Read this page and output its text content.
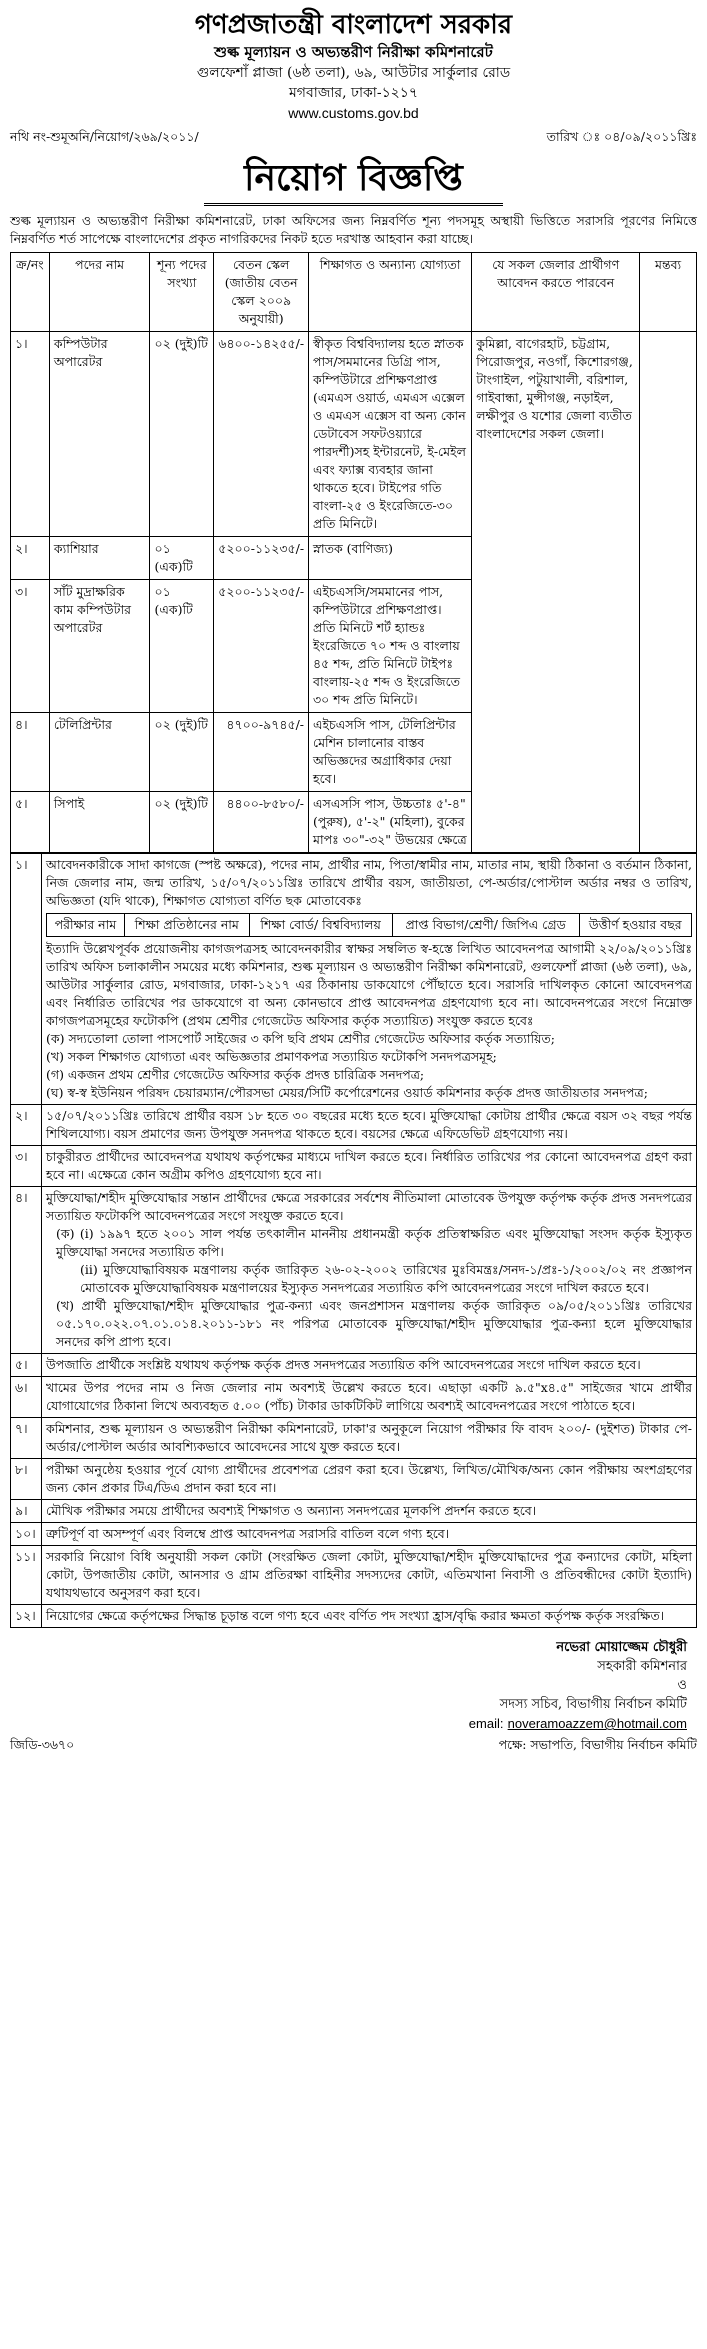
গণপ্রজাতন্ত্রী বাংলাদেশ সরকার
শুল্ক মূল্যায়ন ও অভ্যন্তরীণ নিরীক্ষা কমিশনারেট
গুলফেশাঁ প্লাজা (৬ষ্ঠ তলা), ৬৯, আউটার সার্কুলার রোড
মগবাজার, ঢাকা-১২১৭
www.customs.gov.bd
নথি নং-শুমূঅনি/নিয়োগ/২৬৯/২০১১/	তারিখ ঃ ০৪/০৯/২০১১খ্রিঃ
নিয়োগ বিজ্ঞপ্তি
শুল্ক মূল্যায়ন ও অভ্যন্তরীণ নিরীক্ষা কমিশনারেট, ঢাকা অফিসের জন্য নিম্নবর্ণিত শূন্য পদসমূহ অস্থায়ী ভিত্তিতে সরাসরি পূরণের নিমিত্তে নিম্নবর্ণিত শর্ত সাপেক্ষে বাংলাদেশের প্রকৃত নাগরিকদের নিকট হতে দরখাস্ত আহবান করা যাচ্ছে।
ক্র/নং	পদের নাম	শূন্য পদের সংখ্যা	বেতন স্কেল (জাতীয় বেতন স্কেল ২০০৯ অনুযায়ী)	শিক্ষাগত ও অন্যান্য যোগ্যতা	যে সকল জেলার প্রার্থীগণ আবেদন করতে পারবেন	মন্তব্য
১।	কম্পিউটার অপারেটর	০২ (দুই)টি	৬৪০০-১৪২৫৫/-	স্বীকৃত বিশ্ববিদ্যালয় হতে স্নাতক পাস/সমমানের ডিগ্রি পাস, কম্পিউটারে প্রশিক্ষণপ্রাপ্ত (এমএস ওয়ার্ড, এমএস এক্সেল ও এমএস এক্সেস বা অন্য কোন ডেটাবেস সফটওয়্যারে পারদর্শী)সহ ইন্টারনেট, ই-মেইল এবং ফ্যাক্স ব্যবহার জানা থাকতে হবে। টাইপের গতি বাংলা-২৫ ও ইংরেজিতে-৩০ প্রতি মিনিটে।	কুমিল্লা, বাগেরহাট, চট্টগ্রাম, পিরোজপুর, নওগাঁ, কিশোরগঞ্জ, টাংগাইল, পটুয়াখালী, বরিশাল, গাইবান্ধা, মুন্সীগঞ্জ, নড়াইল, লক্ষীপুর ও যশোর জেলা ব্যতীত বাংলাদেশের সকল জেলা।	
২।	ক্যাশিয়ার	০১ (এক)টি	৫২০০-১১২৩৫/-	স্নাতক (বাণিজ্য)		
৩।	সাঁট মুদ্রাক্ষরিক কাম কম্পিউটার অপারেটর	০১ (এক)টি	৫২০০-১১২৩৫/-	এইচএসসি/সমমানের পাস, কম্পিউটারে প্রশিক্ষণপ্রাপ্ত। প্রতি মিনিটে শর্ট হ্যান্ডঃ ইংরেজিতে ৭০ শব্দ ও বাংলায় ৪৫ শব্দ, প্রতি মিনিটে টাইপঃ বাংলায়-২৫ শব্দ ও ইংরেজিতে ৩০ শব্দ প্রতি মিনিটে।		
৪।	টেলিপ্রিন্টার	০২ (দুই)টি	৪৭০০-৯৭৪৫/-	এইচএসসি পাস, টেলিপ্রিন্টার মেশিন চালানোর বাস্তব অভিজ্ঞদের অগ্রাধিকার দেয়া হবে।		
৫।	সিপাই	০২ (দুই)টি	৪৪০০-৮৫৮০/-	এসএসসি পাস, উচ্চতাঃ ৫'-৪" (পুরুষ), ৫'-২" (মহিলা), বুকের মাপঃ ৩০"-৩২" উভয়ের ক্ষেত্রে		
১।	আবেদনকারীকে সাদা কাগজে (স্পষ্ট অক্ষরে), পদের নাম, প্রার্থীর নাম, পিতা/স্বামীর নাম, মাতার নাম, স্থায়ী ঠিকানা ও বর্তমান ঠিকানা, নিজ জেলার নাম, জন্ম তারিখ, ১৫/০৭/২০১১খ্রিঃ তারিখে প্রার্থীর বয়স, জাতীয়তা, পে-অর্ডার/পোস্টাল অর্ডার নম্বর ও তারিখ, অভিজ্ঞতা (যদি থাকে), শিক্ষাগত যোগ্যতা বর্ণিত ছক মোতাবেকঃ
পরীক্ষার নাম	শিক্ষা প্রতিষ্ঠানের নাম	শিক্ষা বোর্ড/ বিশ্ববিদ্যালয়	প্রাপ্ত বিভাগ/শ্রেণী/ জিপিএ গ্রেড	উত্তীর্ণ হওয়ার বছর
ইত্যাদি উল্লেখপূর্বক প্রয়োজনীয় কাগজপত্রসহ আবেদনকারীর স্বাক্ষর সম্বলিত স্ব-হস্তে লিখিত আবেদনপত্র আগামী ২২/০৯/২০১১খ্রিঃ তারিখ অফিস চলাকালীন সময়ের মধ্যে কমিশনার, শুল্ক মূল্যায়ন ও অভ্যন্তরীণ নিরীক্ষা কমিশনারেট, গুলফেশাঁ প্লাজা (৬ষ্ঠ তলা), ৬৯, আউটার সার্কুলার রোড, মগবাজার, ঢাকা-১২১৭ এর ঠিকানায় ডাকযোগে পৌঁছাতে হবে। সরাসরি দাখিলকৃত কোনো আবেদনপত্র এবং নির্ধারিত তারিখের পর ডাকযোগে বা অন্য কোনভাবে প্রাপ্ত আবেদনপত্র গ্রহণযোগ্য হবে না। আবেদনপত্রের সংগে নিম্নোক্ত কাগজপত্রসমূহের ফটোকপি (প্রথম শ্রেণীর গেজেটেড অফিসার কর্তৃক সত্যায়িত) সংযুক্ত করতে হবেঃ
(ক) সদ্যতোলা তোলা পাসপোর্ট সাইজের ৩ কপি ছবি প্রথম শ্রেণীর গেজেটেড অফিসার কর্তৃক সত্যায়িত;
(খ) সকল শিক্ষাগত যোগ্যতা এবং অভিজ্ঞতার প্রমাণকপত্র সত্যায়িত ফটোকপি সনদপত্রসমূহ;
(গ) একজন প্রথম শ্রেণীর গেজেটেড অফিসার কর্তৃক প্রদত্ত চারিত্রিক সনদপত্র;
(ঘ) স্ব-স্ব ইউনিয়ন পরিষদ চেয়ারম্যান/পৌরসভা মেয়র/সিটি কর্পোরেশনের ওয়ার্ড কমিশনার কর্তৃক প্রদত্ত জাতীয়তার সনদপত্র;

২।	১৫/০৭/২০১১খ্রিঃ তারিখে প্রার্থীর বয়স ১৮ হতে ৩০ বছরের মধ্যে হতে হবে। মুক্তিযোদ্ধা কোটায় প্রার্থীর ক্ষেত্রে বয়স ৩২ বছর পর্যন্ত শিথিলযোগ্য। বয়স প্রমাণের জন্য উপযুক্ত সনদপত্র থাকতে হবে। বয়সের ক্ষেত্রে এফিডেভিট গ্রহণযোগ্য নয়।
৩।	চাকুরীরত প্রার্থীদের আবেদনপত্র যথাযথ কর্তৃপক্ষের মাধ্যমে দাখিল করতে হবে। নির্ধারিত তারিখের পর কোনো আবেদনপত্র গ্রহণ করা হবে না। এক্ষেত্রে কোন অগ্রীম কপিও গ্রহণযোগ্য হবে না।
৪।	মুক্তিযোদ্ধা/শহীদ মুক্তিযোদ্ধার সন্তান প্রার্থীদের ক্ষেত্রে সরকারের সর্বশেষ নীতিমালা মোতাবেক উপযুক্ত কর্তৃপক্ষ কর্তৃক প্রদত্ত সনদপত্রের সত্যায়িত ফটোকপি আবেদনপত্রের সংগে সংযুক্ত করতে হবে।
(ক) (i) ১৯৯৭ হতে ২০০১ সাল পর্যন্ত তৎকালীন মাননীয় প্রধানমন্ত্রী কর্তৃক প্রতিস্বাক্ষরিত এবং মুক্তিযোদ্ধা সংসদ কর্তৃক ইস্যুকৃত মুক্তিযোদ্ধা সনদের সত্যায়িত কপি।
(ii) মুক্তিযোদ্ধাবিষয়ক মন্ত্রণালয় কর্তৃক জারিকৃত ২৬-০২-২০০২ তারিখের মুঃবিমন্ত্রঃ/সনদ-১/প্রঃ-১/২০০২/০২ নং প্রজ্ঞাপন মোতাবেক মুক্তিযোদ্ধাবিষয়ক মন্ত্রণালয়ের ইস্যুকৃত সনদপত্রের সত্যায়িত কপি আবেদনপত্রের সংগে দাখিল করতে হবে।
(খ) প্রার্থী মুক্তিযোদ্ধা/শহীদ মুক্তিযোদ্ধার পুত্র-কন্যা এবং জনপ্রশাসন মন্ত্রণালয় কর্তৃক জারিকৃত ০৯/০৫/২০১১খ্রিঃ তারিখের ০৫.১৭০.০২২.০৭.০১.০১৪.২০১১-১৮১ নং পরিপত্র মোতাবেক মুক্তিযোদ্ধা/শহীদ মুক্তিযোদ্ধার পুত্র-কন্যা হলে মুক্তিযোদ্ধার সনদের কপি প্রাপ্য হবে।

৫।	উপজাতি প্রার্থীকে সংশ্লিষ্ট যথাযথ কর্তৃপক্ষ কর্তৃক প্রদত্ত সনদপত্রের সত্যায়িত কপি আবেদনপত্রের সংগে দাখিল করতে হবে।
৬।	খামের উপর পদের নাম ও নিজ জেলার নাম অবশ্যই উল্লেখ করতে হবে। এছাড়া একটি ৯.৫"x৪.৫" সাইজের খামে প্রার্থীর যোগাযোগের ঠিকানা লিখে অব্যবহৃত ৫.০০ (পাঁচ) টাকার ডাকটিকিট লাগিয়ে অবশ্যই আবেদনপত্রের সংগে পাঠাতে হবে।
৭।	কমিশনার, শুল্ক মূল্যায়ন ও অভ্যন্তরীণ নিরীক্ষা কমিশনারেট, ঢাকা'র অনুকূলে নিয়োগ পরীক্ষার ফি বাবদ ২০০/- (দুইশত) টাকার পে-অর্ডার/পোস্টাল অর্ডার আবশ্যিকভাবে আবেদনের সাথে যুক্ত করতে হবে।
৮।	পরীক্ষা অনুষ্ঠেয় হওয়ার পূর্বে যোগ্য প্রার্থীদের প্রবেশপত্র প্রেরণ করা হবে। উল্লেখ্য, লিখিত/মৌখিক/অন্য কোন পরীক্ষায় অংশগ্রহণের জন্য কোন প্রকার টিএ/ডিএ প্রদান করা হবে না।
৯।	মৌখিক পরীক্ষার সময়ে প্রার্থীদের অবশ্যই শিক্ষাগত ও অন্যান্য সনদপত্রের মূলকপি প্রদর্শন করতে হবে।
১০।	ত্রুটিপূর্ণ বা অসম্পূর্ণ এবং বিলম্বে প্রাপ্ত আবেদনপত্র সরাসরি বাতিল বলে গণ্য হবে।
১১।	সরকারি নিয়োগ বিধি অনুযায়ী সকল কোটা (সংরক্ষিত জেলা কোটা, মুক্তিযোদ্ধা/শহীদ মুক্তিযোদ্ধাদের পুত্র কন্যাদের কোটা, মহিলা কোটা, উপজাতীয় কোটা, আনসার ও গ্রাম প্রতিরক্ষা বাহিনীর সদস্যদের কোটা, এতিমখানা নিবাসী ও প্রতিবন্ধীদের কোটা ইত্যাদি) যথাযথভাবে অনুসরণ করা হবে।
১২।	নিয়োগের ক্ষেত্রে কর্তৃপক্ষের সিদ্ধান্ত চূড়ান্ত বলে গণ্য হবে এবং বর্ণিত পদ সংখ্যা হ্রাস/বৃদ্ধি করার ক্ষমতা কর্তৃপক্ষ কর্তৃক সংরক্ষিত।
নভেরা মোয়াজ্জেম চৌধুরী
সহকারী কমিশনার
ও
সদস্য সচিব, বিভাগীয় নির্বাচন কমিটি
email: noveramoazzem@hotmail.com
জিডি-৩৬৭০	পক্ষে: সভাপতি, বিভাগীয় নির্বাচন কমিটি
